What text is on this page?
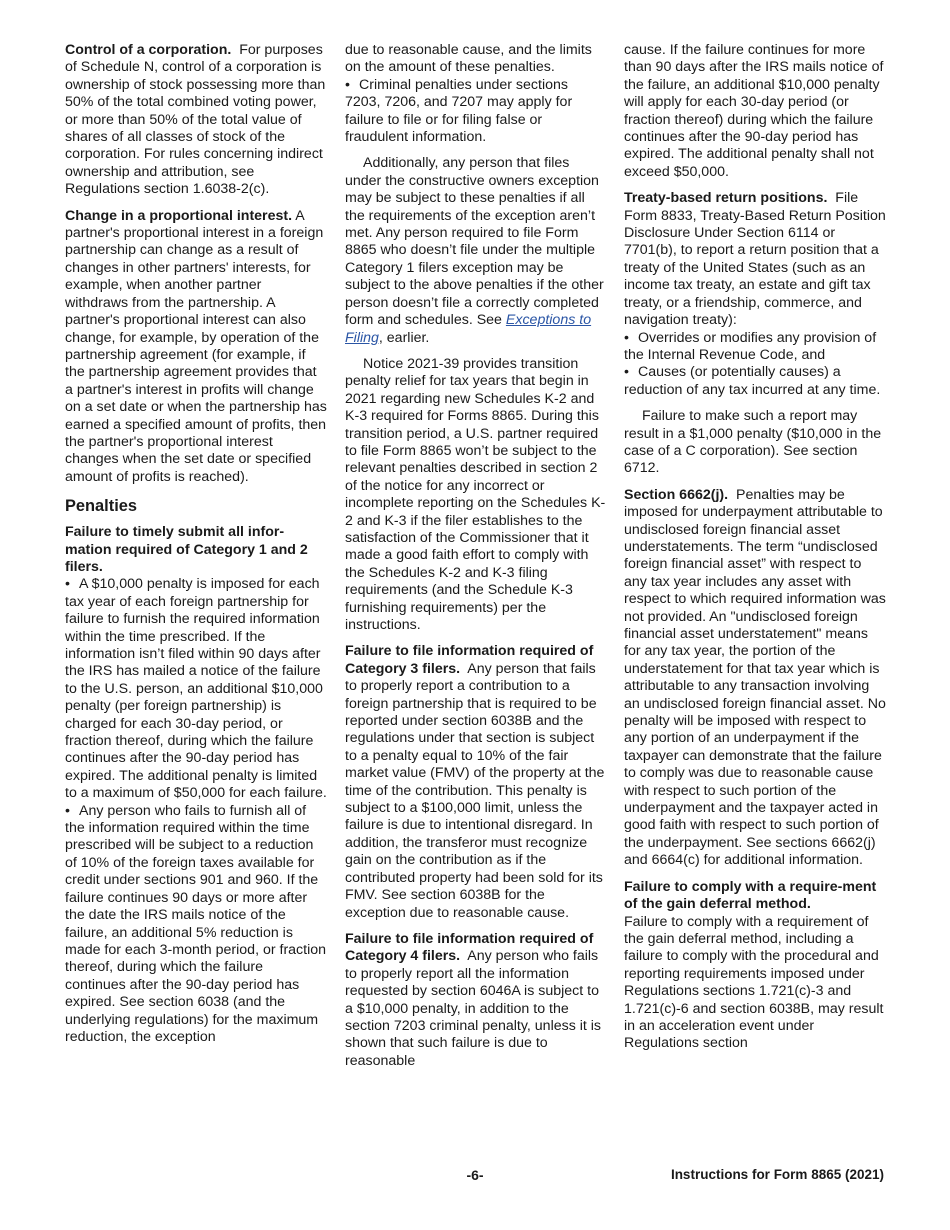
Control of a corporation. For purposes of Schedule N, control of a corporation is ownership of stock possessing more than 50% of the total combined voting power, or more than 50% of the total value of shares of all classes of stock of the corporation. For rules concerning indirect ownership and attribution, see Regulations section 1.6038-2(c).

Change in a proportional interest. A partner's proportional interest in a foreign partnership can change as a result of changes in other partners' interests, for example, when another partner withdraws from the partnership. A partner's proportional interest can also change, for example, by operation of the partnership agreement (for example, if the partnership agreement provides that a partner's interest in profits will change on a set date or when the partnership has earned a specified amount of profits, then the partner's proportional interest changes when the set date or specified amount of profits is reached).

Penalties

Failure to timely submit all infor-mation required of Category 1 and 2 filers.

• A $10,000 penalty is imposed for each tax year of each foreign partnership for failure to furnish the required information within the time prescribed. If the information isn’t filed within 90 days after the IRS has mailed a notice of the failure to the U.S. person, an additional $10,000 penalty (per foreign partnership) is charged for each 30-day period, or fraction thereof, during which the failure continues after the 90-day period has expired. The additional penalty is limited to a maximum of $50,000 for each failure.

• Any person who fails to furnish all of the information required within the time prescribed will be subject to a reduction of 10% of the foreign taxes available for credit under sections 901 and 960. If the failure continues 90 days or more after the date the IRS mails notice of the failure, an additional 5% reduction is made for each 3-month period, or fraction thereof, during which the failure continues after the 90-day period has expired. See section 6038 (and the underlying regulations) for the maximum reduction, the exception

due to reasonable cause, and the limits on the amount of these penalties.

• Criminal penalties under sections 7203, 7206, and 7207 may apply for failure to file or for filing false or fraudulent information.

Additionally, any person that files under the constructive owners exception may be subject to these penalties if all the requirements of the exception aren’t met. Any person required to file Form 8865 who doesn’t file under the multiple Category 1 filers exception may be subject to the above penalties if the other person doesn’t file a correctly completed form and schedules. See Exceptions to Filing, earlier.

Notice 2021-39 provides transition penalty relief for tax years that begin in 2021 regarding new Schedules K-2 and K-3 required for Forms 8865. During this transition period, a U.S. partner required to file Form 8865 won’t be subject to the relevant penalties described in section 2 of the notice for any incorrect or incomplete reporting on the Schedules K-2 and K-3 if the filer establishes to the satisfaction of the Commissioner that it made a good faith effort to comply with the Schedules K-2 and K-3 filing requirements (and the Schedule K-3 furnishing requirements) per the instructions.

Failure to file information required of Category 3 filers. Any person that fails to properly report a contribution to a foreign partnership that is required to be reported under section 6038B and the regulations under that section is subject to a penalty equal to 10% of the fair market value (FMV) of the property at the time of the contribution. This penalty is subject to a $100,000 limit, unless the failure is due to intentional disregard. In addition, the transferor must recognize gain on the contribution as if the contributed property had been sold for its FMV. See section 6038B for the exception due to reasonable cause.

Failure to file information required of Category 4 filers. Any person who fails to properly report all the information requested by section 6046A is subject to a $10,000 penalty, in addition to the section 7203 criminal penalty, unless it is shown that such failure is due to reasonable

cause. If the failure continues for more than 90 days after the IRS mails notice of the failure, an additional $10,000 penalty will apply for each 30-day period (or fraction thereof) during which the failure continues after the 90-day period has expired. The additional penalty shall not exceed $50,000.

Treaty-based return positions. File Form 8833, Treaty-Based Return Position Disclosure Under Section 6114 or 7701(b), to report a return position that a treaty of the United States (such as an income tax treaty, an estate and gift tax treaty, or a friendship, commerce, and navigation treaty):

• Overrides or modifies any provision of the Internal Revenue Code, and

• Causes (or potentially causes) a reduction of any tax incurred at any time.

Failure to make such a report may result in a $1,000 penalty ($10,000 in the case of a C corporation). See section 6712.

Section 6662(j). Penalties may be imposed for underpayment attributable to undisclosed foreign financial asset understatements. The term “undisclosed foreign financial asset” with respect to any tax year includes any asset with respect to which required information was not provided. An "undisclosed foreign financial asset understatement" means for any tax year, the portion of the understatement for that tax year which is attributable to any transaction involving an undisclosed foreign financial asset. No penalty will be imposed with respect to any portion of an underpayment if the taxpayer can demonstrate that the failure to comply was due to reasonable cause with respect to such portion of the underpayment and the taxpayer acted in good faith with respect to such portion of the underpayment. See sections 6662(j) and 6664(c) for additional information.

Failure to comply with a require-ment of the gain deferral method.

Failure to comply with a requirement of the gain deferral method, including a failure to comply with the procedural and reporting requirements imposed under Regulations sections 1.721(c)-3 and 1.721(c)-6 and section 6038B, may result in an acceleration event under Regulations section

-6-	Instructions for Form 8865 (2021)
